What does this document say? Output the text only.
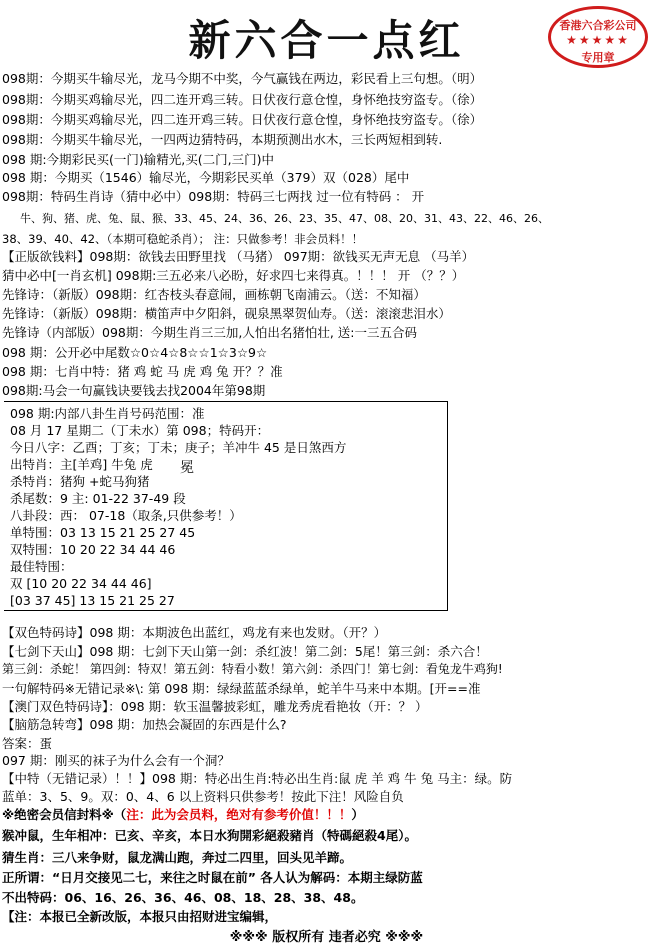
新六合一点红	香港六合彩公司
★★★★★
专用章
098期：今期买牛输尽光，龙马今期不中奖，今气赢钱在两边，彩民看上三句想。（明）
098期：今期买鸡输尽光，四二连开鸡三转。日伏夜行意仓惶，身怀绝技穷盗专。（徐）
098期：今期买鸡输尽光，四二连开鸡三转。日伏夜行意仓惶，身怀绝技穷盗专。（徐）
098期：今期买牛输尽光，一四两边猜特码，本期预测出水木，三长两短相到转.
098 期:今期彩民买(一门)输精光,买(二门,三门)中
098 期：今期买（1546）输尽光，今期彩民买单（379）双（028）尾中
098期：特码生肖诗（猜中必中）098期：特码三七两找 过一位有特码 ： 开
牛、狗、猪、虎、兔、鼠、猴、33、45、24、36、26、23、35、47、08、20、31、43、22、46、26、
38、39、40、42、（本期可稳蛇杀肖）； 注：只做参考！非会员料！！
【正版欲钱料】098期：欲钱去田野里找 （马猪） 097期：欲钱买无声无息 （马羊）
猜中必中[一肖玄机] 098期:三五必来八必盼，好求四七来得真。！！！ 开 （？？）
先锋诗：（新版）098期：红杏枝头春意闹，画栋朝飞南浦云。（送：不知福）
先锋诗：（新版）098期：横笛声中夕阳斜，砚泉黑翠贺仙寿。（送：滚滚悲泪水）
先锋诗（内部版）098期：今期生肖三三加,人怕出名猪怕壮, 送:一三五合码
098 期：公开必中尾数☆0☆4☆8☆☆1☆3☆9☆
098 期：七肖中特：猪 鸡 蛇 马 虎 鸡 兔 开？？准
098期:马会一句赢钱诀要钱去找2004年第98期
098 期:内部八卦生肖号码范围：准
08 月 17 星期二（丁未水）第 098；特码开：
今日八字：乙酉；丁亥；丁未；庚子；羊冲牛 45 是日煞西方
出特肖：主[羊鸡] 牛兔 虎 冕
杀特肖：猪狗 +蛇马狗猪
杀尾数：9 主: 01-22 37-49 段
八卦段：西： 07-18（取条,只供参考！）
单特围：03 13 15 21 25 27 45
双特围：10 20 22 34 44 46
最佳特围：
双 [10 20 22 34 44 46]
[03 37 45] 13 15 21 25 27
【双色特码诗】098 期：本期波色出蓝红，鸡龙有来也发财。（开？）
【七剑下天山】098 期：七剑下天山第一剑：杀红波！第二剑：5尾！第三剑：杀六合！
第三剑：杀蛇！ 第四剑：特双！第五剑：特看小数！第六剑：杀四门！第七剑：看兔龙牛鸡狗!
一句解特码※无错记录※\: 第 098 期：绿绿蓝蓝杀绿单，蛇羊牛马来中本期。[开==准
【澳门双色特码诗】：098 期：软玉温馨披彩虹，雕龙秀虎看艳妆（开：？ ）
【脑筋急转弯】098 期：加热会凝固的东西是什么?
答案：蛋
097 期：刚买的袜子为什么会有一个洞？
【中特（无错记录）！！】098 期：特必出生肖:特必出生肖:鼠 虎 羊 鸡 牛 兔 马主：绿。防
蓝单：3、5、9。双：0、4、6 以上资料只供参考！按此下注！风险自负
※绝密会员信封料※（注：此为会员料，绝对有参考价值！！！）
猴冲鼠，生年相冲：已亥、辛亥，本日水狗開彩絕殺豬肖（特碼絕殺4尾）。
猜生肖：三八来争财，鼠龙满山跑，奔过二四里，回头见羊蹄。
正所谓：“日月交接见二七，来往之时鼠在前” 各人认为解码：本期主绿防蓝
不出特码：06、16、26、36、46、08、18、28、38、48。
【注：本报已全新改版，本报只由招财进宝编辑，
※※※ 版权所有 违者必究 ※※※
